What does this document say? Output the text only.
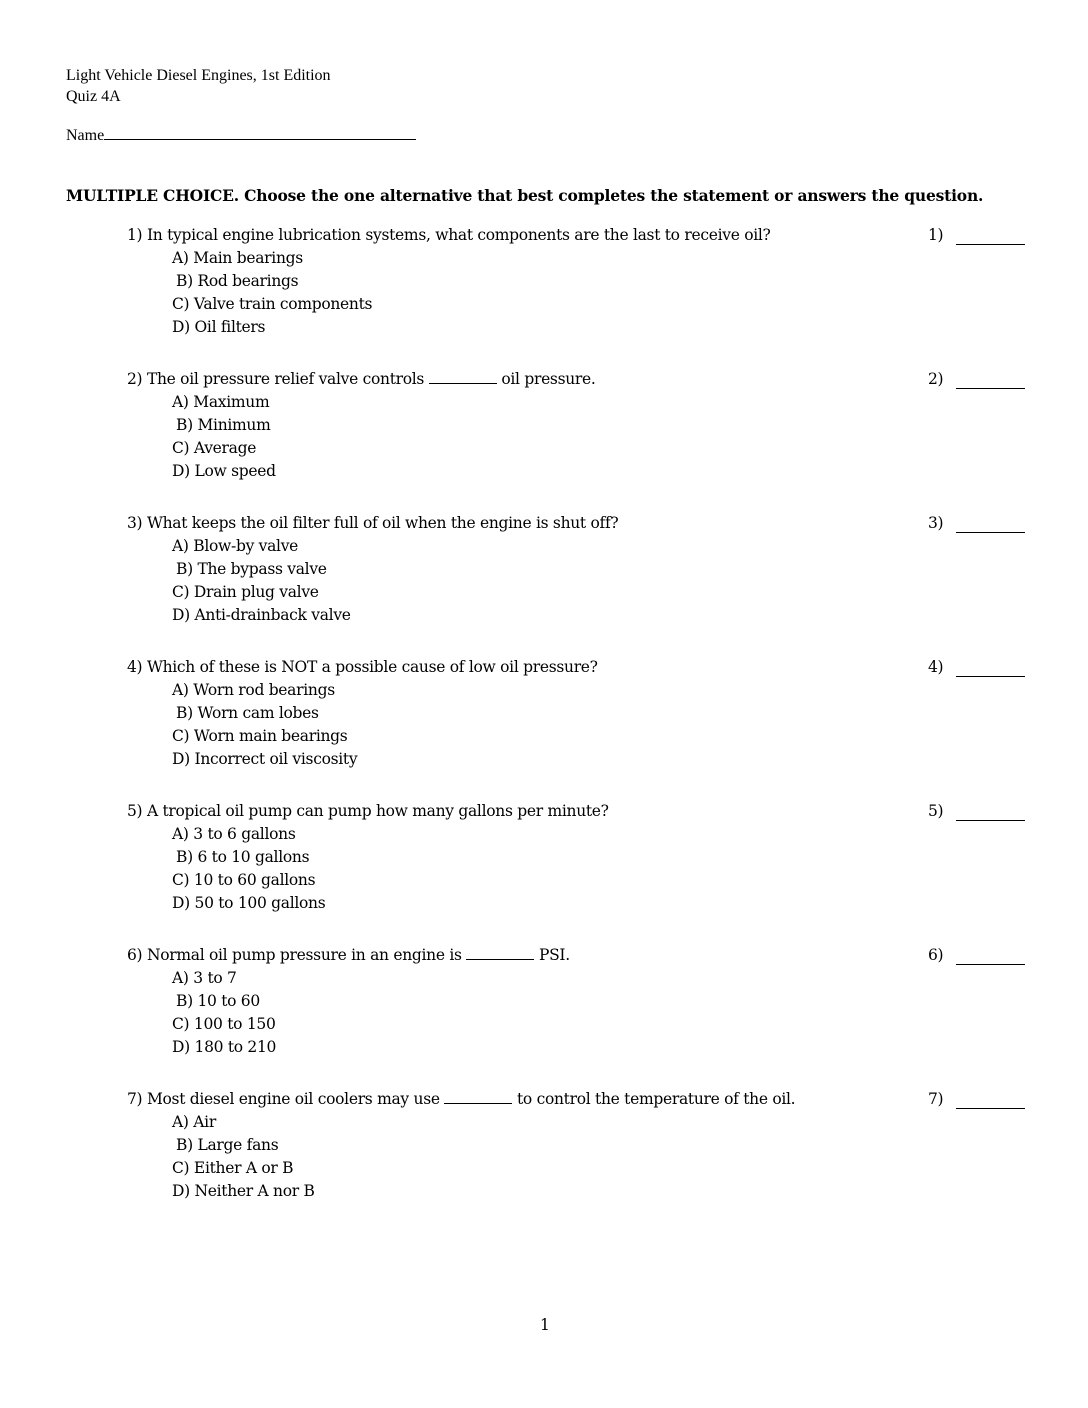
Light Vehicle Diesel Engines, 1st Edition
Quiz 4A
Name
MULTIPLE CHOICE. Choose the one alternative that best completes the statement or answers the question.
1) In typical engine lubrication systems, what components are the last to receive oil?
A) Main bearings
B) Rod bearings
C) Valve train components
D) Oil filters
1)
2) The oil pressure relief valve controls	oil pressure.
A) Maximum
B) Minimum
C) Average
D) Low speed
2)
3) What keeps the oil filter full of oil when the engine is shut off?
A) Blow-by valve
B) The bypass valve
C) Drain plug valve
D) Anti-drainback valve
3)
4) Which of these is NOT a possible cause of low oil pressure?
A) Worn rod bearings
B) Worn cam lobes
C) Worn main bearings
D) Incorrect oil viscosity
4)
5) A tropical oil pump can pump how many gallons per minute?
A) 3 to 6 gallons
B) 6 to 10 gallons
C) 10 to 60 gallons
D) 50 to 100 gallons
5)
6) Normal oil pump pressure in an engine is	PSI.
A) 3 to 7
B) 10 to 60
C) 100 to 150
D) 180 to 210
6)
7) Most diesel engine oil coolers may use	to control the temperature of the oil.
A) Air
B) Large fans
C) Either A or B
D) Neither A nor B
7)
1
